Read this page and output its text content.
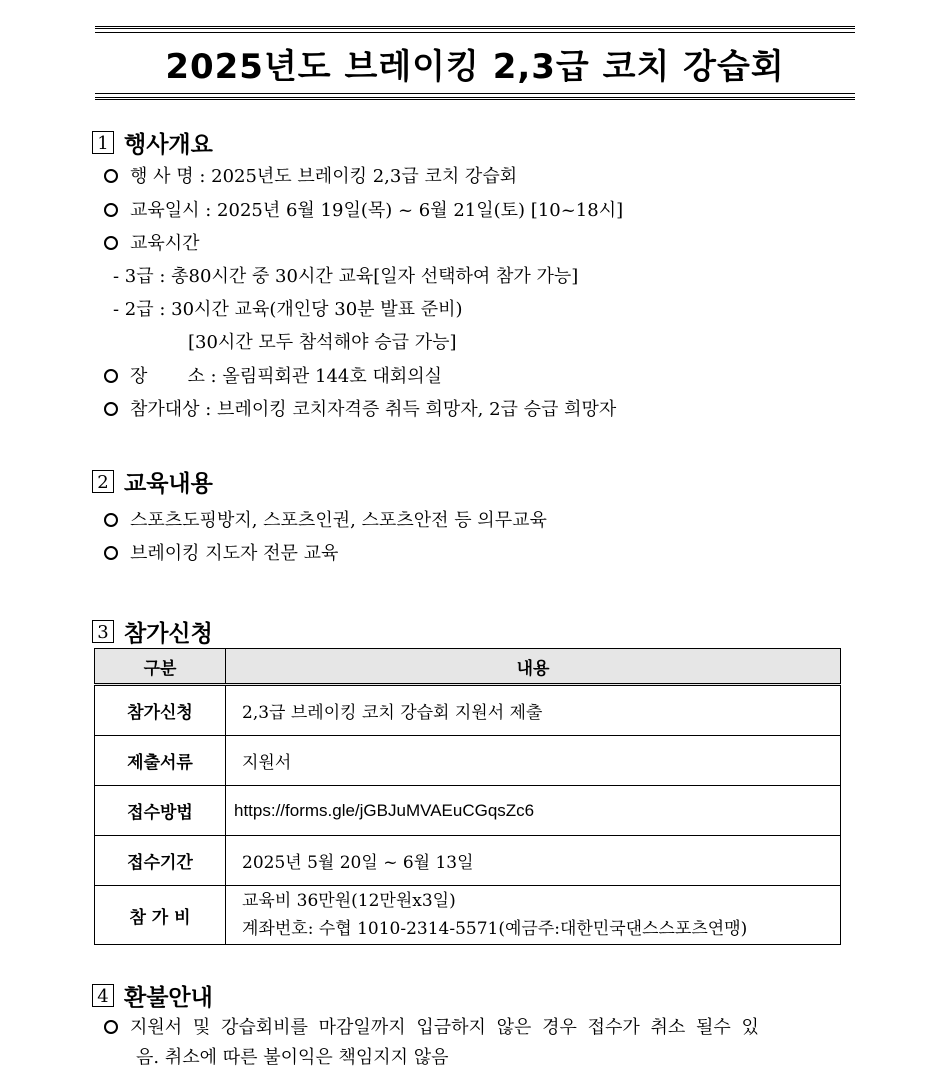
2025년도 브레이킹 2,3급 코치 강습회
1 행사개요
행 사 명 : 2025년도 브레이킹 2,3급 코치 강습회
교육일시 : 2025년 6월 19일(목) ~ 6월 21일(토) [10~18시]
교육시간
- 3급 : 총80시간 중 30시간 교육[일자 선택하여 참가 가능]
- 2급 : 30시간 교육(개인당 30분 발표 준비)
[30시간 모두 참석해야 승급 가능]
장       소 : 올림픽회관 144호 대회의실
참가대상 : 브레이킹 코치자격증 취득 희망자, 2급 승급 희망자
2 교육내용
스포츠도핑방지, 스포츠인권, 스포츠안전 등 의무교육
브레이킹 지도자 전문 교육
3 참가신청
구분	내용
참가신청	2,3급 브레이킹 코치 강습회 지원서 제출
제출서류	지원서
접수방법	https://forms.gle/jGBJuMVAEuCGqsZc6
접수기간	2025년 5월 20일 ~ 6월 13일
참 가 비	교육비 36만원(12만원x3일)
계좌번호: 수협 1010-2314-5571(예금주:대한민국댄스스포츠연맹)
4 환불안내
지원서 및 강습회비를 마감일까지 입금하지 않은 경우 접수가 취소 될수 있
음. 취소에 따른 불이익은 책임지지 않음
